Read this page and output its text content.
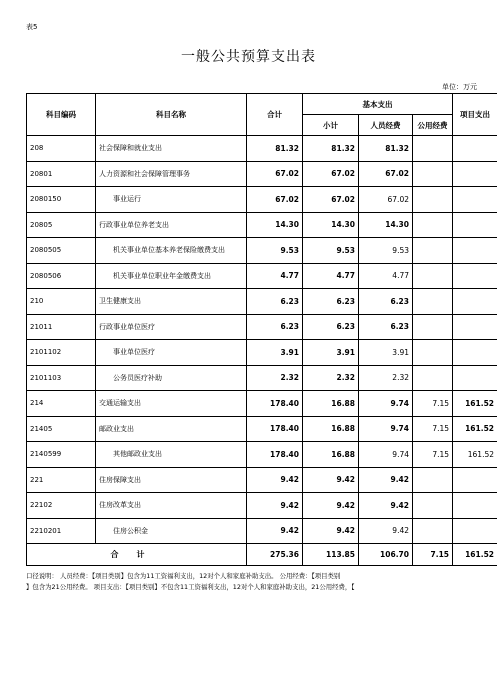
表5
一般公共预算支出表
单位：万元
科目编码	科目名称	合计	基本支出			项目支出
			小计	人员经费	公用经费	
208	社会保障和就业支出	81.32	81.32	81.32		
20801	人力资源和社会保障管理事务	67.02	67.02	67.02		
2080150	事业运行	67.02	67.02	67.02		
20805	行政事业单位养老支出	14.30	14.30	14.30		
2080505	机关事业单位基本养老保险缴费支出	9.53	9.53	9.53		
2080506	机关事业单位职业年金缴费支出	4.77	4.77	4.77		
210	卫生健康支出	6.23	6.23	6.23		
21011	行政事业单位医疗	6.23	6.23	6.23		
2101102	事业单位医疗	3.91	3.91	3.91		
2101103	公务员医疗补助	2.32	2.32	2.32		
214	交通运输支出	178.40	16.88	9.74	7.15	161.52
21405	邮政业支出	178.40	16.88	9.74	7.15	161.52
2140599	其他邮政业支出	178.40	16.88	9.74	7.15	161.52
221	住房保障支出	9.42	9.42	9.42		
22102	住房改革支出	9.42	9.42	9.42		
2210201	住房公积金	9.42	9.42	9.42		
合计		275.36	113.85	106.70	7.15	161.52
口径说明： 人员经费：【项目类别】包含为11工资福利支出，12对个人和家庭补助支出。 公用经费：【项目类别
】包含为21公用经费。 项目支出：【项目类别】不包含11工资福利支出，12对个人和家庭补助支出，21公用经费，【
